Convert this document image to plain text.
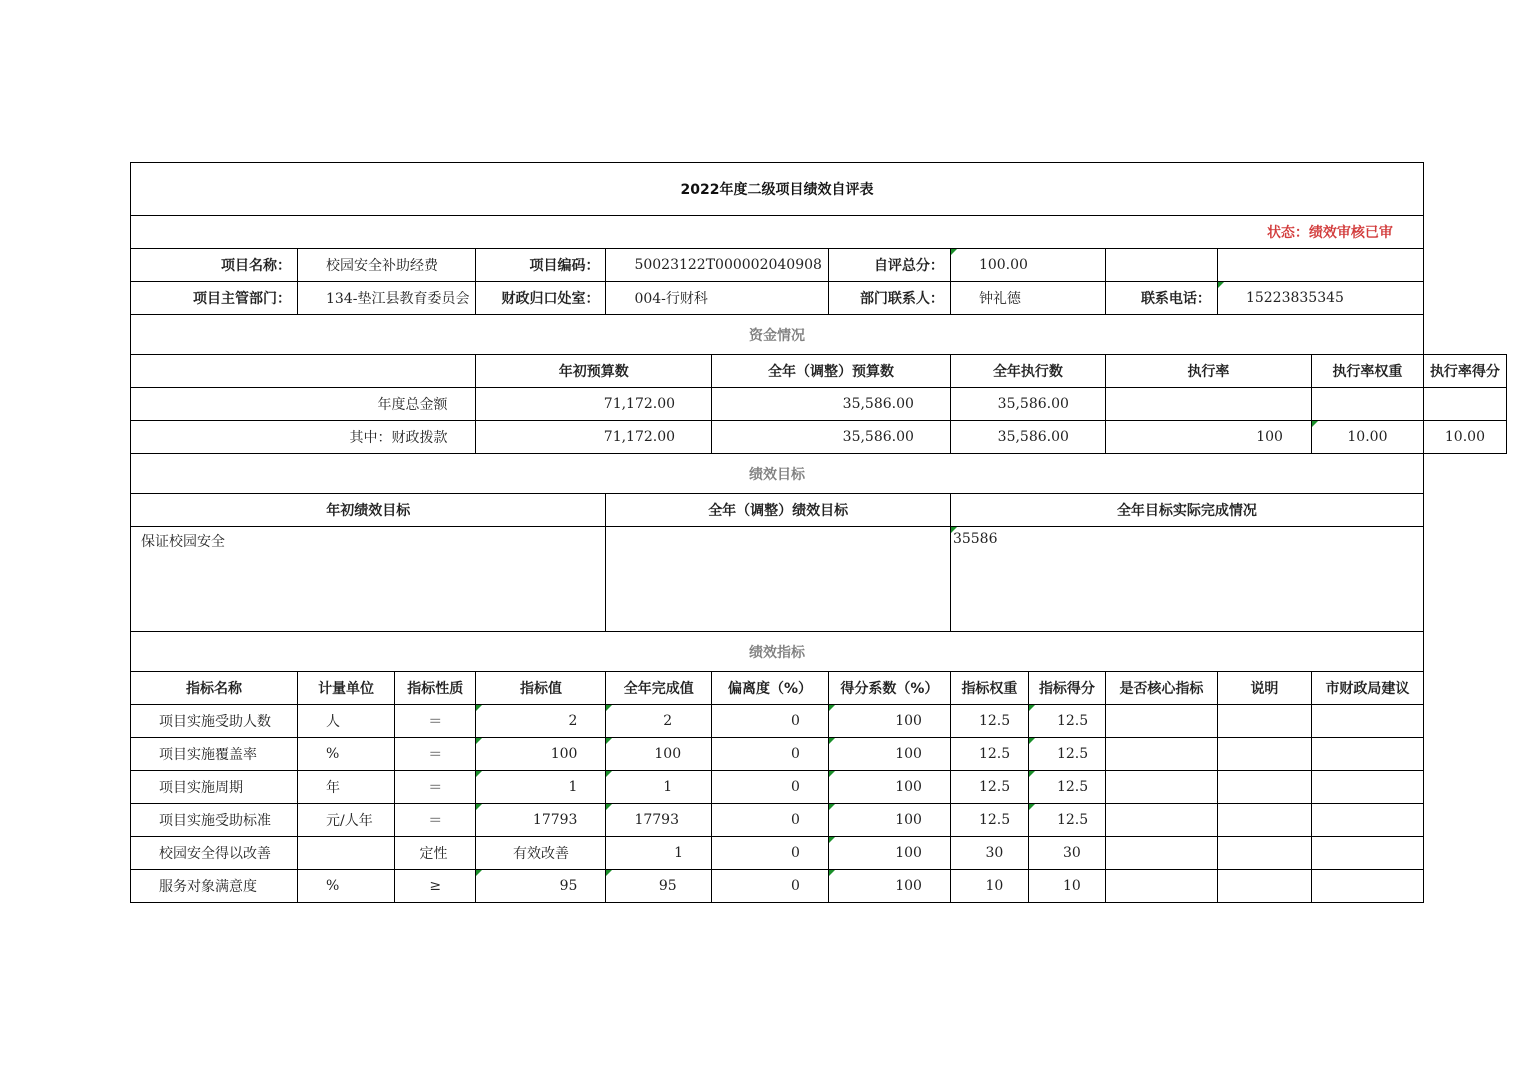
2022年度二级项目绩效自评表												
状态：绩效审核已审												
项目名称：	校园安全补助经费		项目编码：	50023122T000002040908		自评总分：	100.00					
项目主管部门：	134-垫江县教育委员会		财政归口处室：	004-行财科		部门联系人：	钟礼德		联系电话：	15223835345		
资金情况												
			年初预算数		全年（调整）预算数		全年执行数		执行率		执行率权重	执行率得分
年度总金额			71,172.00		35,586.00		35,586.00					
其中：财政拨款			71,172.00		35,586.00		35,586.00		100		10.00	10.00
绩效目标												
年初绩效目标				全年（调整）绩效目标			全年目标实际完成情况					
保证校园安全							35586					
绩效指标												
指标名称	计量单位	指标性质	指标值	全年完成值	偏离度（%）	得分系数（%）	指标权重	指标得分	是否核心指标	说明	市财政局建议	
项目实施受助人数	人	＝	2	2	0	100	12.5	12.5				
项目实施覆盖率	%	＝	100	100	0	100	12.5	12.5				
项目实施周期	年	＝	1	1	0	100	12.5	12.5				
项目实施受助标准	元/人年	＝	17793	17793	0	100	12.5	12.5				
校园安全得以改善		定性	有效改善	1	0	100	30	30				
服务对象满意度	%	≥	95	95	0	100	10	10				
